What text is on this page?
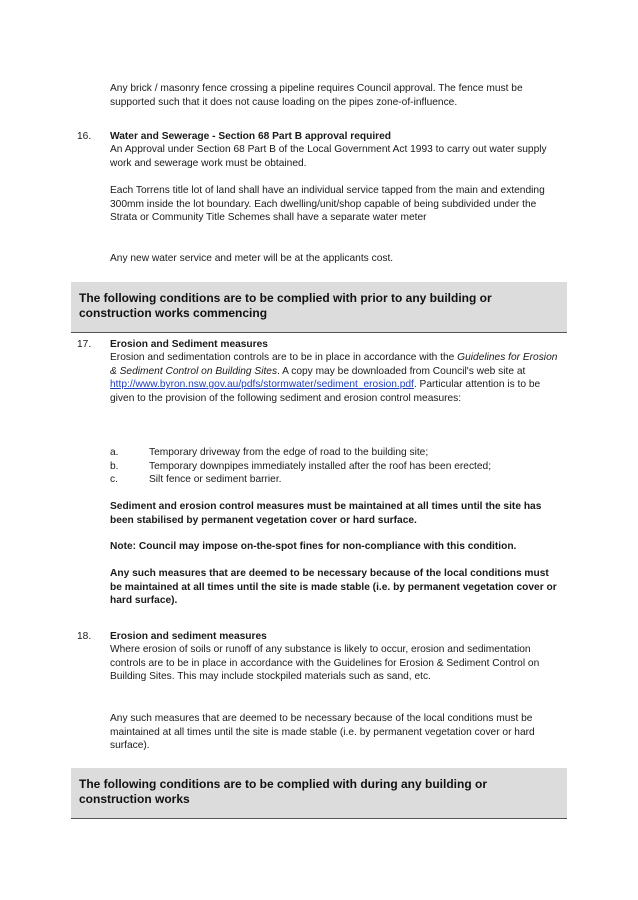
Any brick / masonry fence crossing a pipeline requires Council approval. The fence must be supported such that it does not cause loading on the pipes zone-of-influence.

16. Water and Sewerage - Section 68 Part B approval required

An Approval under Section 68 Part B of the Local Government Act 1993 to carry out water supply work and sewerage work must be obtained.

Each Torrens title lot of land shall have an individual service tapped from the main and extending 300mm inside the lot boundary. Each dwelling/unit/shop capable of being subdivided under the Strata or Community Title Schemes shall have a separate water meter

Any new water service and meter will be at the applicants cost.

The following conditions are to be complied with prior to any building or construction works commencing
17. Erosion and Sediment measures

Erosion and sedimentation controls are to be in place in accordance with the Guidelines for Erosion & Sediment Control on Building Sites. A copy may be downloaded from Council's web site at http://www.byron.nsw.gov.au/pdfs/stormwater/sediment_erosion.pdf. Particular attention is to be given to the provision of the following sediment and erosion control measures:

a.	Temporary driveway from the edge of road to the building site;
b.	Temporary downpipes immediately installed after the roof has been erected;
c.	Silt fence or sediment barrier.

Sediment and erosion control measures must be maintained at all times until the site has been stabilised by permanent vegetation cover or hard surface.

Note: Council may impose on-the-spot fines for non-compliance with this condition.

Any such measures that are deemed to be necessary because of the local conditions must be maintained at all times until the site is made stable (i.e. by permanent vegetation cover or hard surface).

18. Erosion and sediment measures

Where erosion of soils or runoff of any substance is likely to occur, erosion and sedimentation controls are to be in place in accordance with the Guidelines for Erosion & Sediment Control on Building Sites. This may include stockpiled materials such as sand, etc.

Any such measures that are deemed to be necessary because of the local conditions must be maintained at all times until the site is made stable (i.e. by permanent vegetation cover or hard surface).

The following conditions are to be complied with during any building or construction works
